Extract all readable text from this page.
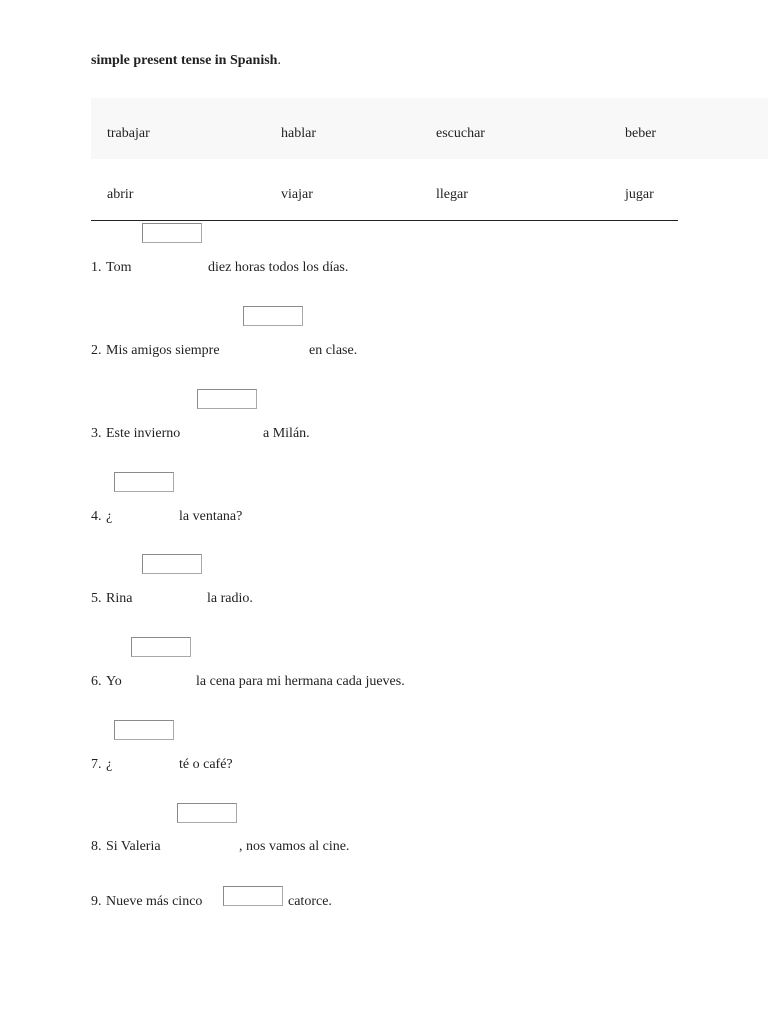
simple present tense in Spanish.

trabajar	hablar	escuchar	beber
abrir	viajar	llegar	jugar
1. Tom	diez horas todos los días.
2. Mis amigos siempre	en clase.
3. Este invierno	a Milán.
4. ¿	la ventana?
5. Rina	la radio.
6. Yo	la cena para mi hermana cada jueves.
7. ¿	té o café?
8. Si Valeria	, nos vamos al cine.
9. Nueve más cinco	catorce.
